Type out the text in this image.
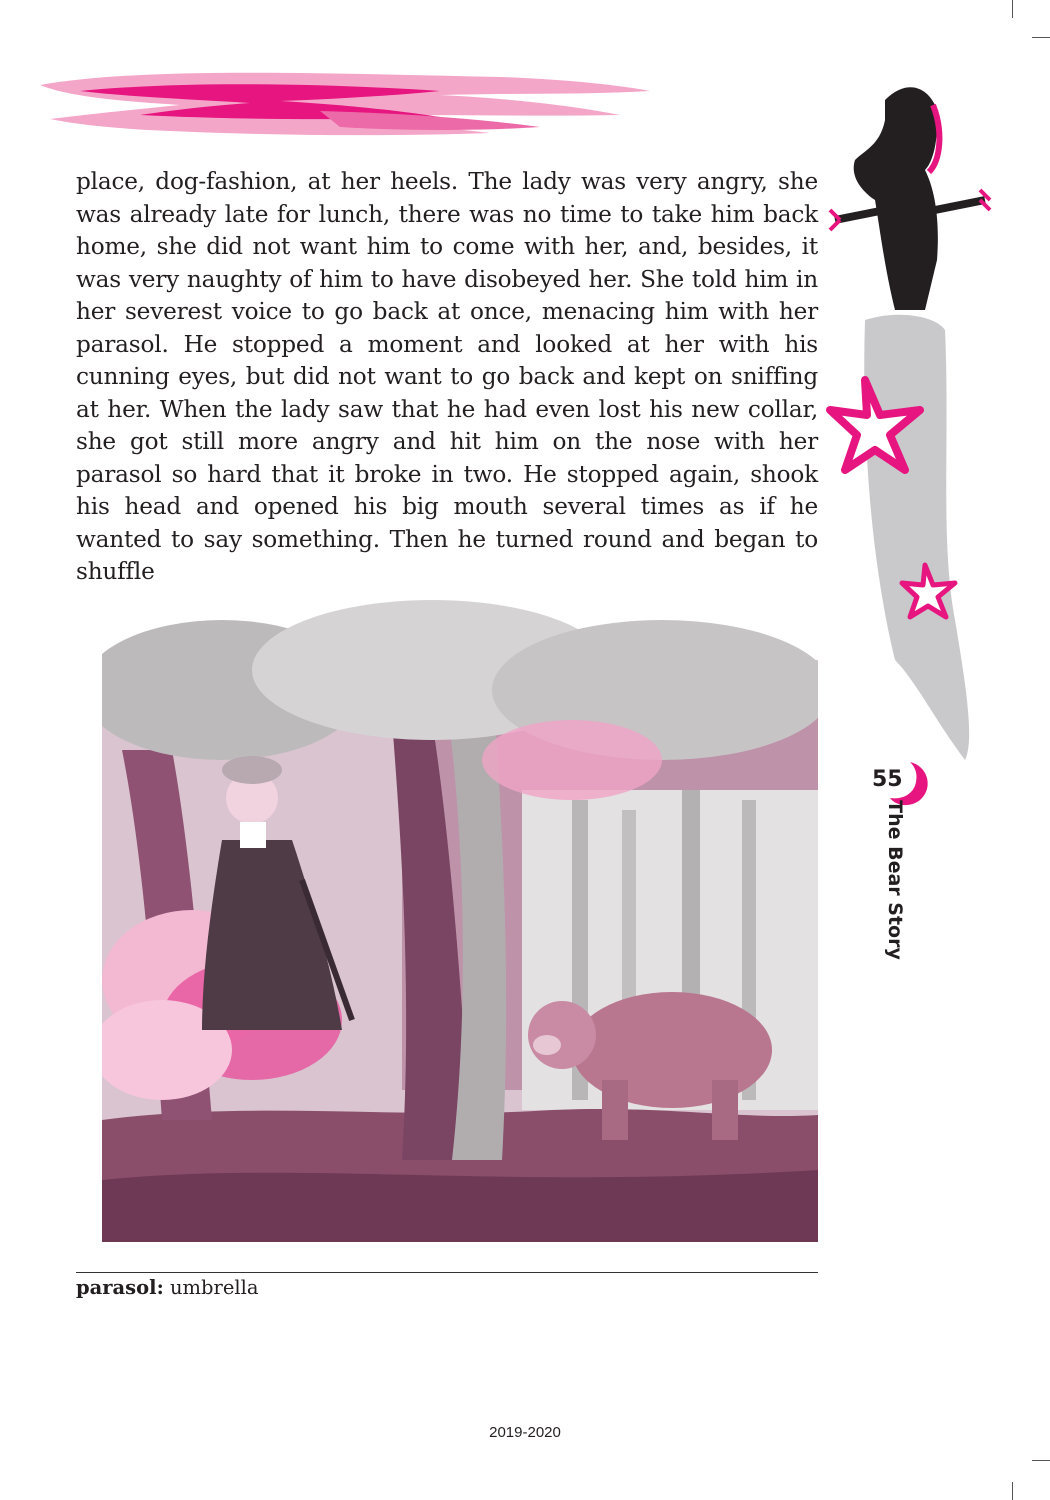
place, dog-fashion, at her heels. The lady was very angry, she was already late for lunch, there was no time to take him back home, she did not want him to come with her, and, besides, it was very naughty of him to have disobeyed her. She told him in her severest voice to go back at once, menacing him with her parasol. He stopped a moment and looked at her with his cunning eyes, but did not want to go back and kept on sniffing at her. When the lady saw that he had even lost his new collar, she got still more angry and hit him on the nose with her parasol so hard that it broke in two. He stopped again, shook his head and opened his big mouth several times as if he wanted to say something. Then he turned round and began to shuffle

parasol: umbrella
2019-2020
55
The Bear Story
